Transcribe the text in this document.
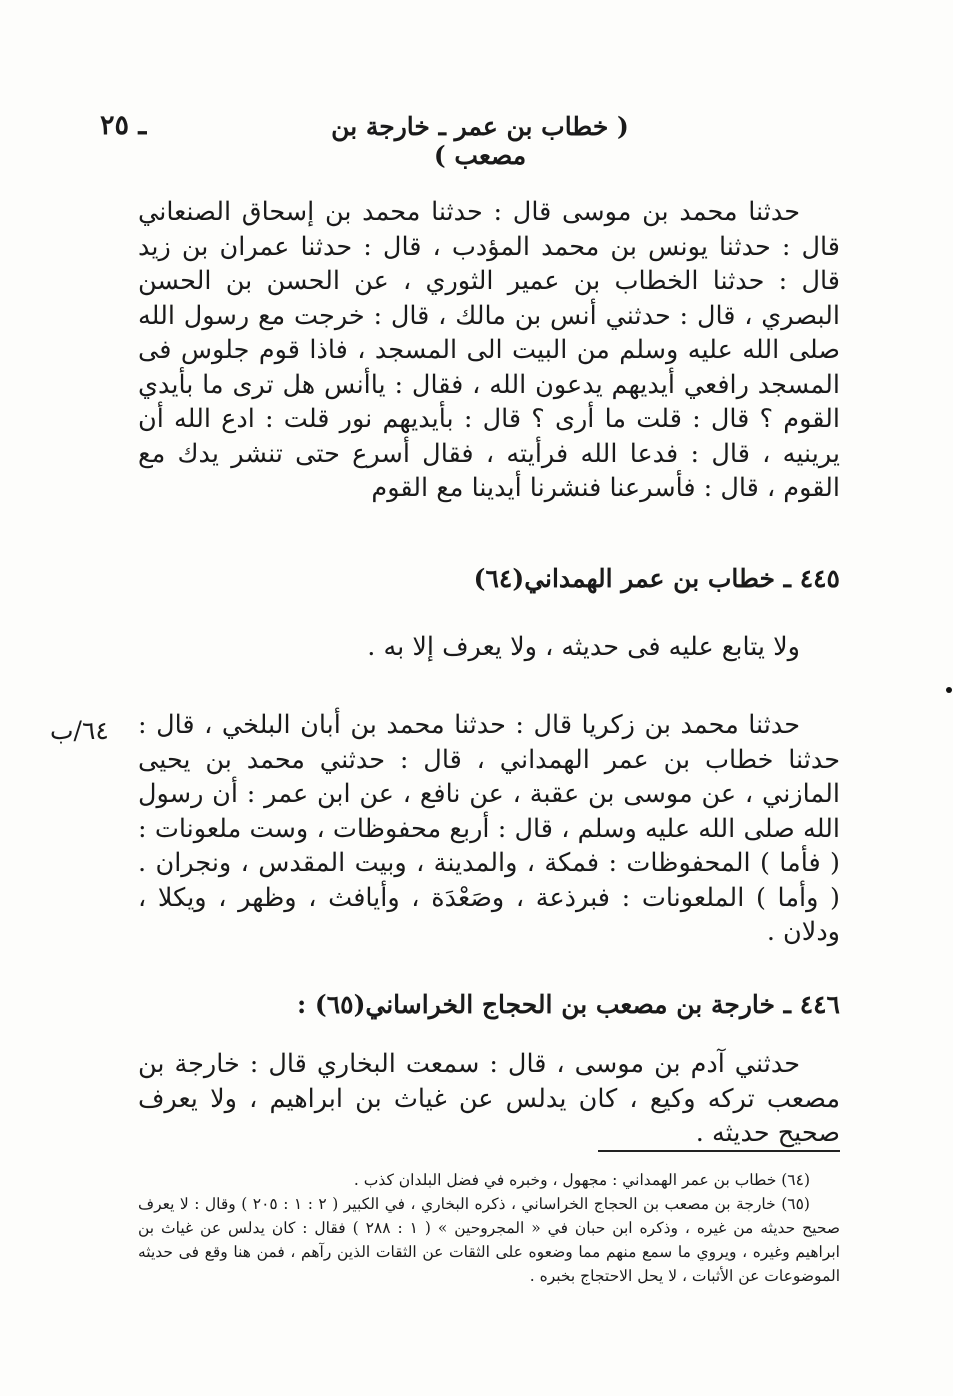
( خطاب بن عمر ـ خارجة بن مصعب )
ـ ٢٥

حدثنا محمد بن موسى قال : حدثنا محمد بن إسحاق الصنعاني قال : حدثنا يونس بن محمد المؤدب ، قال : حدثنا عمران بن زيد قال : حدثنا الخطاب بن عمير الثوري ، عن الحسن بن الحسن البصري ، قال : حدثني أنس بن مالك ، قال : خرجت مع رسول الله صلى الله عليه وسلم من البيت الى المسجد ، فاذا قوم جلوس فى المسجد رافعي أيديهم يدعون الله ، فقال : ياأنس هل ترى ما بأيدي القوم ؟ قال : قلت ما أرى ؟ قال : بأيديهم نور قلت : ادع الله أن يرينيه ، قال : فدعا الله فرأيته ، فقال أسرع حتى تنشر يدك مع القوم ، قال : فأسرعنا فنشرنا أيدينا مع القوم

٤٤٥ ـ خطاب بن عمر الهمداني(٦٤)

ولا يتابع عليه فى حديثه ، ولا يعرف إلا به .

٦٤/ب	حدثنا محمد بن زكريا قال : حدثنا محمد بن أبان البلخي ، قال : حدثنا خطاب بن عمر الهمداني ، قال : حدثني محمد بن يحيى المازني ، عن موسى بن عقبة ، عن نافع ، عن ابن عمر : أن رسول الله صلى الله عليه وسلم ، قال : أربع محفوظات ، وست ملعونات : ( فأما ) المحفوظات : فمكة ، والمدينة ، وبيت المقدس ، ونجران . ( وأما ) الملعونات : فبرذعة ، وصَعْدَة ، وأيافث ، وظهر ، ويكلا ، ودلان .

٤٤٦ ـ خارجة بن مصعب بن الحجاج الخراساني(٦٥) :

حدثني آدم بن موسى ، قال : سمعت البخاري قال : خارجة بن مصعب تركه وكيع ، كان يدلس عن غياث بن ابراهيم ، ولا يعرف صحيح حديثه .

(٦٤) خطاب بن عمر الهمداني : مجهول ، وخبره في فضل البلدان كذب .

(٦٥) خارجة بن مصعب بن الحجاج الخراساني ، ذكره البخاري ، في الكبير ( ٢ : ١ : ٢٠٥ ) وقال : لا يعرف صحيح حديثه من غيره ، وذكره ابن حبان في « المجروحين » ( ١ : ٢٨٨ ) فقال : كان يدلس عن غياث بن ابراهيم وغيره ، ويروي ما سمع منهم مما وضعوه على الثقات عن الثقات الذين رآهم ، فمن هنا وقع فى حديثه الموضوعات عن الأثبات ، لا يحل الاحتجاج بخبره .
